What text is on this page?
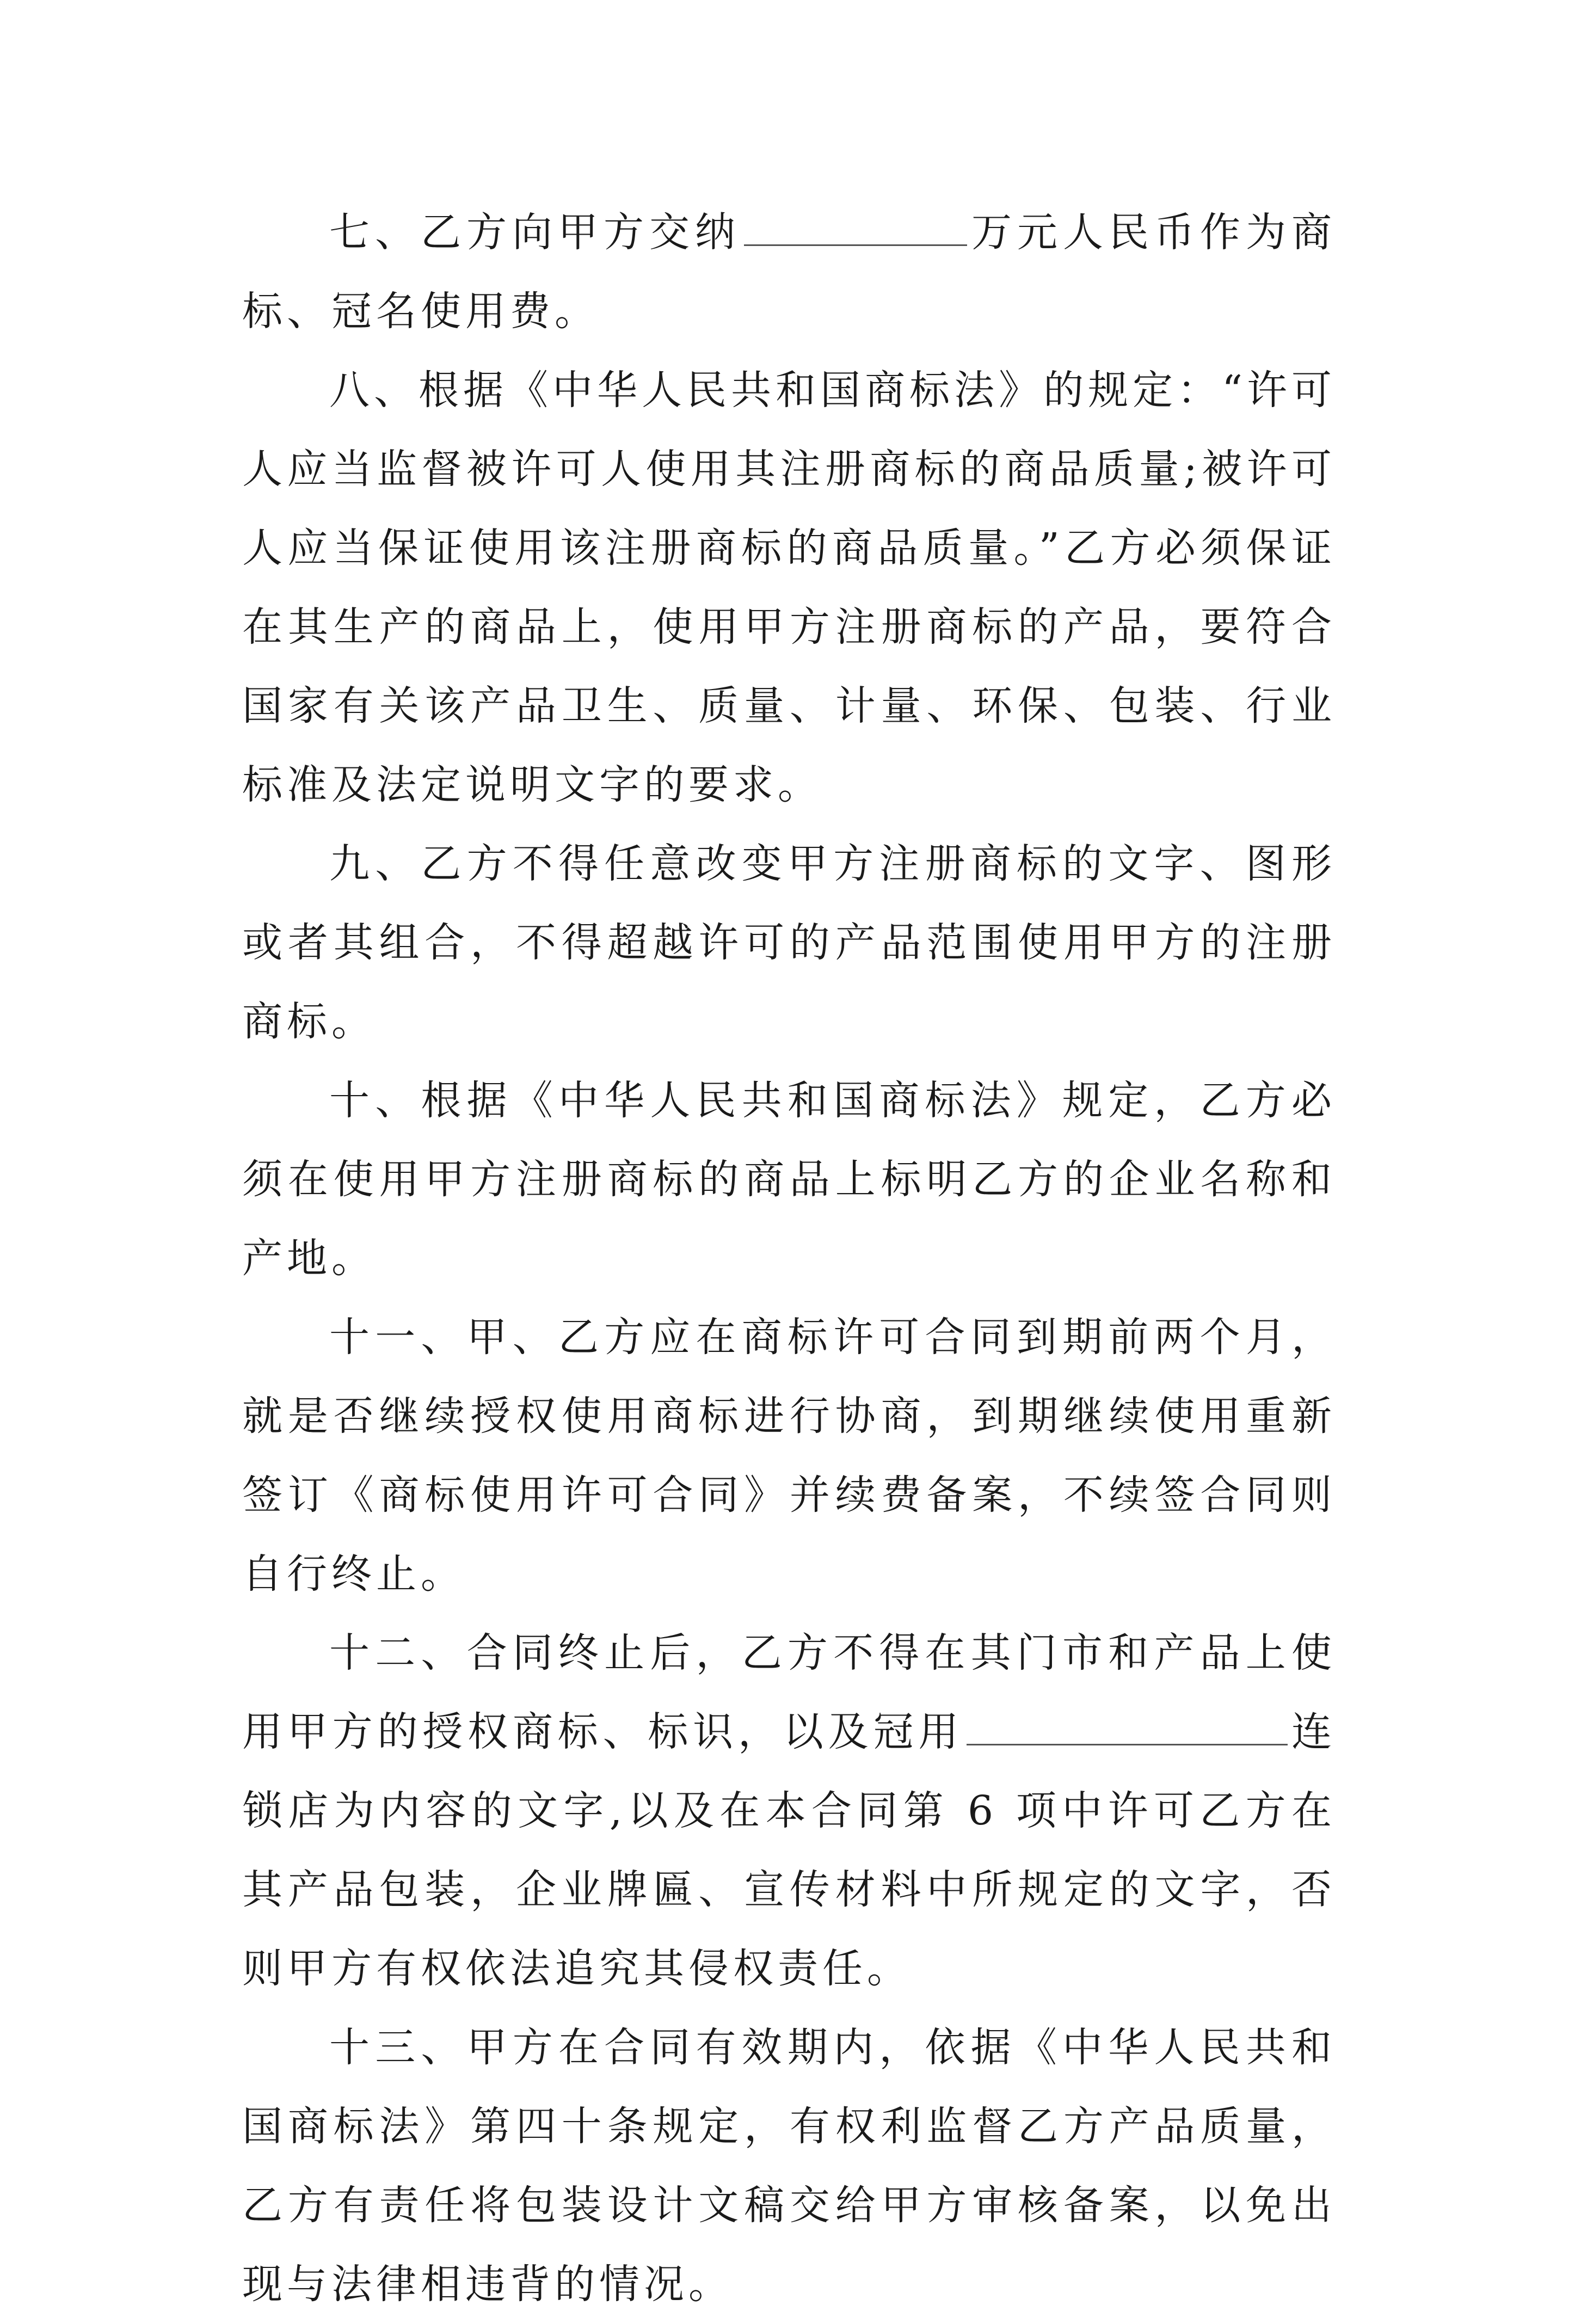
七、乙方向甲方交纳	万元人民币作为商标、冠名使用费。

八、根据《中华人民共和国商标法》的规定：“许可人应当监督被许可人使用其注册商标的商品质量;被许可人应当保证使用该注册商标的商品质量。”乙方必须保证在其生产的商品上，使用甲方注册商标的产品，要符合国家有关该产品卫生、质量、计量、环保、包装、行业标准及法定说明文字的要求。

九、乙方不得任意改变甲方注册商标的文字、图形或者其组合，不得超越许可的产品范围使用甲方的注册商标。

十、根据《中华人民共和国商标法》规定，乙方必须在使用甲方注册商标的商品上标明乙方的企业名称和产地。

十一、甲、乙方应在商标许可合同到期前两个月，就是否继续授权使用商标进行协商，到期继续使用重新签订《商标使用许可合同》并续费备案，不续签合同则自行终止。

十二、合同终止后，乙方不得在其门市和产品上使用甲方的授权商标、标识，以及冠用	连锁店为内容的文字,以及在本合同第 6 项中许可乙方在其产品包装，企业牌匾、宣传材料中所规定的文字，否则甲方有权依法追究其侵权责任。

十三、甲方在合同有效期内，依据《中华人民共和国商标法》第四十条规定，有权利监督乙方产品质量，乙方有责任将包装设计文稿交给甲方审核备案，以免出现与法律相违背的情况。
